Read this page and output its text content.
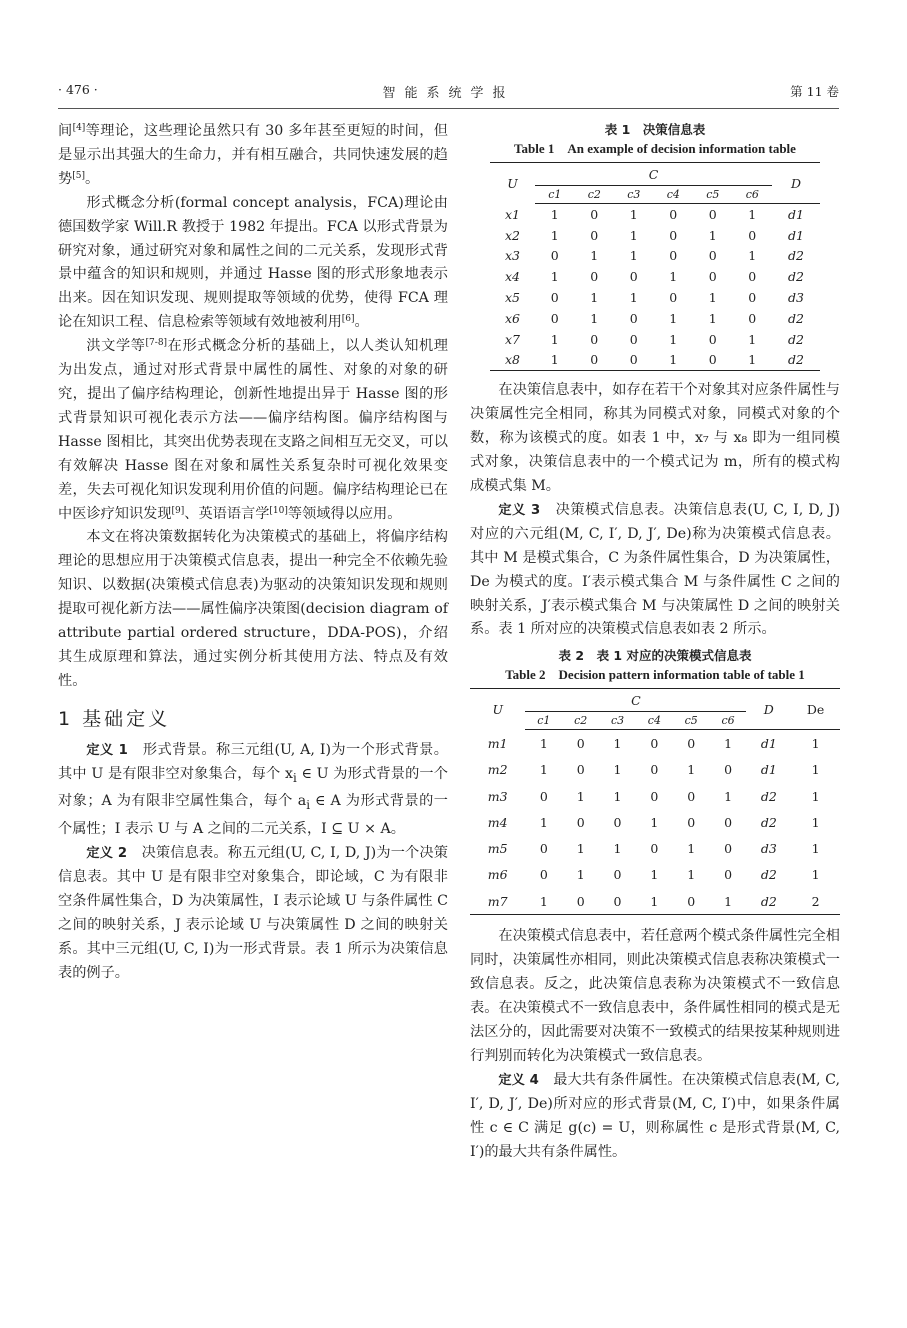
· 476 ·	智能系统学报	第 11 卷

间[4]等理论，这些理论虽然只有 30 多年甚至更短的时间，但是显示出其强大的生命力，并有相互融合，共同快速发展的趋势[5]。

形式概念分析(formal concept analysis，FCA)理论由德国数学家 Will.R 教授于 1982 年提出。FCA 以形式背景为研究对象，通过研究对象和属性之间的二元关系，发现形式背景中蕴含的知识和规则，并通过 Hasse 图的形式形象地表示出来。因在知识发现、规则提取等领域的优势，使得 FCA 理论在知识工程、信息检索等领域有效地被利用[6]。

洪文学等[7-8]在形式概念分析的基础上，以人类认知机理为出发点，通过对形式背景中属性的属性、对象的对象的研究，提出了偏序结构理论，创新性地提出异于 Hasse 图的形式背景知识可视化表示方法——偏序结构图。偏序结构图与 Hasse 图相比，其突出优势表现在支路之间相互无交叉，可以有效解决 Hasse 图在对象和属性关系复杂时可视化效果变差，失去可视化知识发现利用价值的问题。偏序结构理论已在中医诊疗知识发现[9]、英语语言学[10]等领域得以应用。

本文在将决策数据转化为决策模式的基础上，将偏序结构理论的思想应用于决策模式信息表，提出一种完全不依赖先验知识、以数据(决策模式信息表)为驱动的决策知识发现和规则提取可视化新方法——属性偏序决策图(decision diagram of attribute partial ordered structure，DDA-POS)，介绍其生成原理和算法，通过实例分析其使用方法、特点及有效性。

1 基础定义

定义 1　 形式背景。称三元组(U, A, I)为一个形式背景。其中 U 是有限非空对象集合，每个 $x_i$ ∈ U 为形式背景的一个对象；A 为有限非空属性集合，每个 $a_i$ ∈ A 为形式背景的一个属性；I 表示 U 与 A 之间的二元关系，I ⊆ U × A。

定义 2　 决策信息表。称五元组(U, C, I, D, J)为一个决策信息表。其中 U 是有限非空对象集合，即论域，C 为有限非空条件属性集合，D 为决策属性，I 表示论域 U 与条件属性 C 之间的映射关系，J 表示论域 U 与决策属性 D 之间的映射关系。其中三元组(U, C, I)为一形式背景。表 1 所示为决策信息表的例子。

表 1　决策信息表
Table 1　An example of decision information table
U	C						D
	c1	c2	c3	c4	c5	c6	
x1	1	0	1	0	0	1	d1
x2	1	0	1	0	1	0	d1
x3	0	1	1	0	0	1	d2
x4	1	0	0	1	0	0	d2
x5	0	1	1	0	1	0	d3
x6	0	1	0	1	1	0	d2
x7	1	0	0	1	0	1	d2
x8	1	0	0	1	0	1	d2

在决策信息表中，如存在若干个对象其对应条件属性与决策属性完全相同，称其为同模式对象，同模式对象的个数，称为该模式的度。如表 1 中，x₇ 与 x₈ 即为一组同模式对象，决策信息表中的一个模式记为 m，所有的模式构成模式集 M。

定义 3　 决策模式信息表。决策信息表(U, C, I, D, J)对应的六元组(M, C, I′, D, J′, De)称为决策模式信息表。其中 M 是模式集合，C 为条件属性集合，D 为决策属性，De 为模式的度。I′表示模式集合 M 与条件属性 C 之间的映射关系，J′表示模式集合 M 与决策属性 D 之间的映射关系。表 1 所对应的决策模式信息表如表 2 所示。

表 2　表 1 对应的决策模式信息表
Table 2　Decision pattern information table of table 1
U	C						D	De
	c1	c2	c3	c4	c5	c6		
m1	1	0	1	0	0	1	d1	1
m2	1	0	1	0	1	0	d1	1
m3	0	1	1	0	0	1	d2	1
m4	1	0	0	1	0	0	d2	1
m5	0	1	1	0	1	0	d3	1
m6	0	1	0	1	1	0	d2	1
m7	1	0	0	1	0	1	d2	2

在决策模式信息表中，若任意两个模式条件属性完全相同时，决策属性亦相同，则此决策模式信息表称决策模式一致信息表。反之，此决策信息表称为决策模式不一致信息表。在决策模式不一致信息表中，条件属性相同的模式是无法区分的，因此需要对决策不一致模式的结果按某种规则进行判别而转化为决策模式一致信息表。

定义 4　 最大共有条件属性。在决策模式信息表(M, C, I′, D, J′, De)所对应的形式背景(M, C, I′)中，如果条件属性 c ∈ C 满足 g(c) = U，则称属性 c 是形式背景(M, C, I′)的最大共有条件属性。
